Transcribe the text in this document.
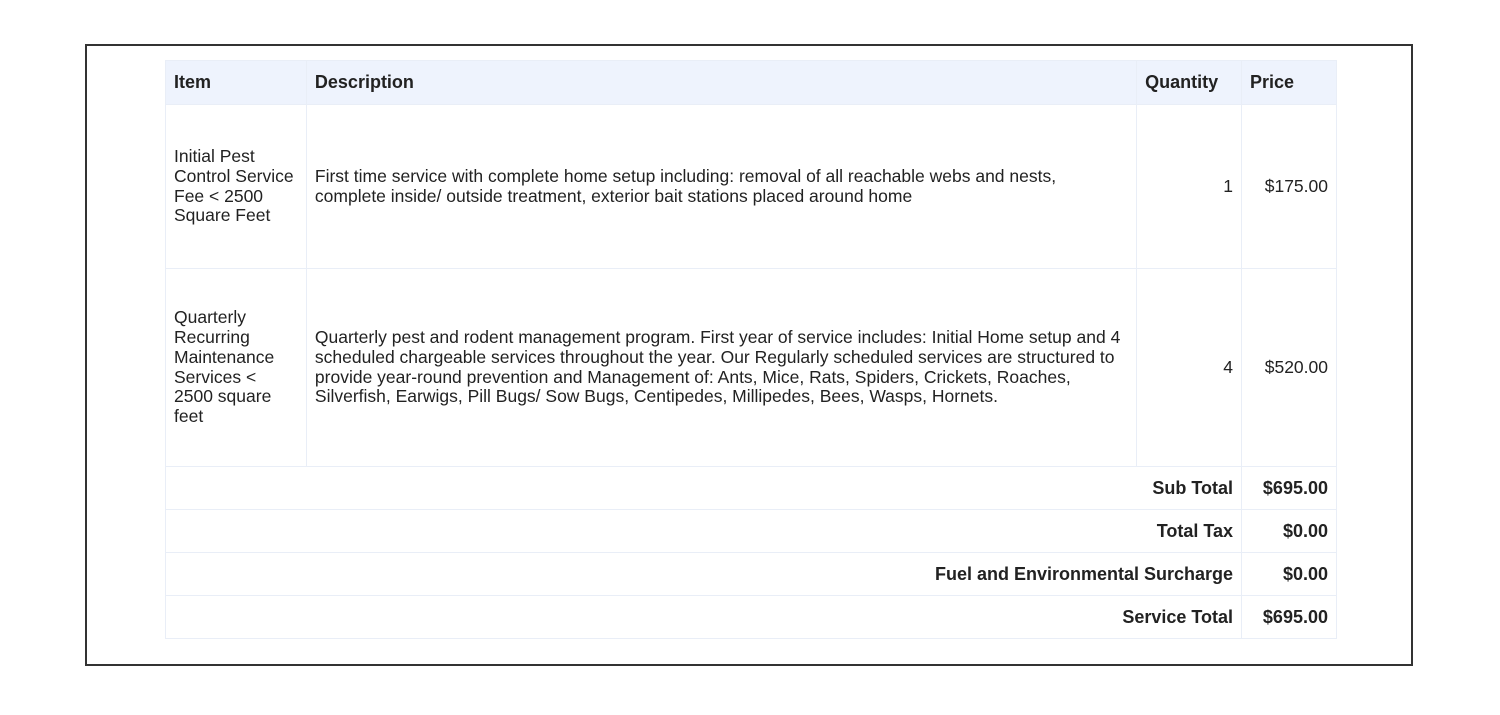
Item	Description	Quantity	Price
Initial Pest Control Service Fee < 2500 Square Feet	First time service with complete home setup including: removal of all reachable webs and nests, complete inside/ outside treatment, exterior bait stations placed around home	1	$175.00
Quarterly Recurring Maintenance Services < 2500 square feet	Quarterly pest and rodent management program. First year of service includes: Initial Home setup and 4 scheduled chargeable services throughout the year. Our Regularly scheduled services are structured to provide year-round prevention and Management of: Ants, Mice, Rats, Spiders, Crickets, Roaches, Silverfish, Earwigs, Pill Bugs/ Sow Bugs, Centipedes, Millipedes, Bees, Wasps, Hornets.	4	$520.00
Sub Total			$695.00
Total Tax			$0.00
Fuel and Environmental Surcharge			$0.00
Service Total			$695.00
